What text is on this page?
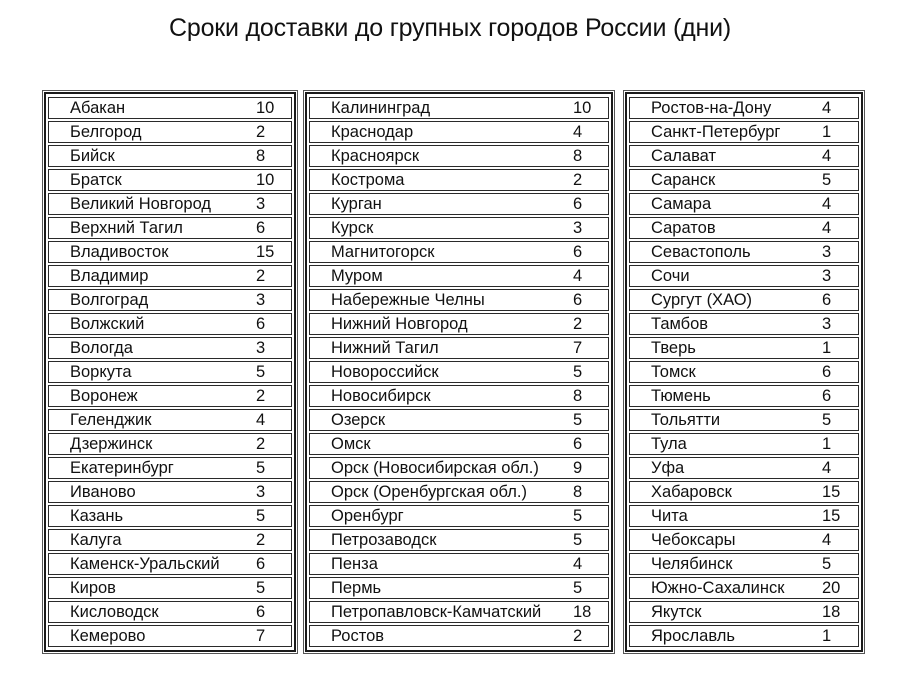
Сроки доставки до групных городов России (дни)
Абакан	10
Белгород	2
Бийск	8
Братск	10
Великий Новгород	3
Верхний Тагил	6
Владивосток	15
Владимир	2
Волгоград	3
Волжский	6
Вологда	3
Воркута	5
Воронеж	2
Геленджик	4
Дзержинск	2
Екатеринбург	5
Иваново	3
Казань	5
Калуга	2
Каменск-Уральский	6
Киров	5
Кисловодск	6
Кемерово	7
Калининград	10
Краснодар	4
Красноярск	8
Кострома	2
Курган	6
Курск	3
Магнитогорск	6
Муром	4
Набережные Челны	6
Нижний Новгород	2
Нижний Тагил	7
Новороссийск	5
Новосибирск	8
Озерск	5
Омск	6
Орск (Новосибирская обл.)	9
Орск (Оренбургская обл.)	8
Оренбург	5
Петрозаводск	5
Пенза	4
Пермь	5
Петропавловск-Камчатский	18
Ростов	2
Ростов-на-Дону	4
Санкт-Петербург	1
Салават	4
Саранск	5
Самара	4
Саратов	4
Севастополь	3
Сочи	3
Сургут (ХАО)	6
Тамбов	3
Тверь	1
Томск	6
Тюмень	6
Тольятти	5
Тула	1
Уфа	4
Хабаровск	15
Чита	15
Чебоксары	4
Челябинск	5
Южно-Сахалинск	20
Якутск	18
Ярославль	1
